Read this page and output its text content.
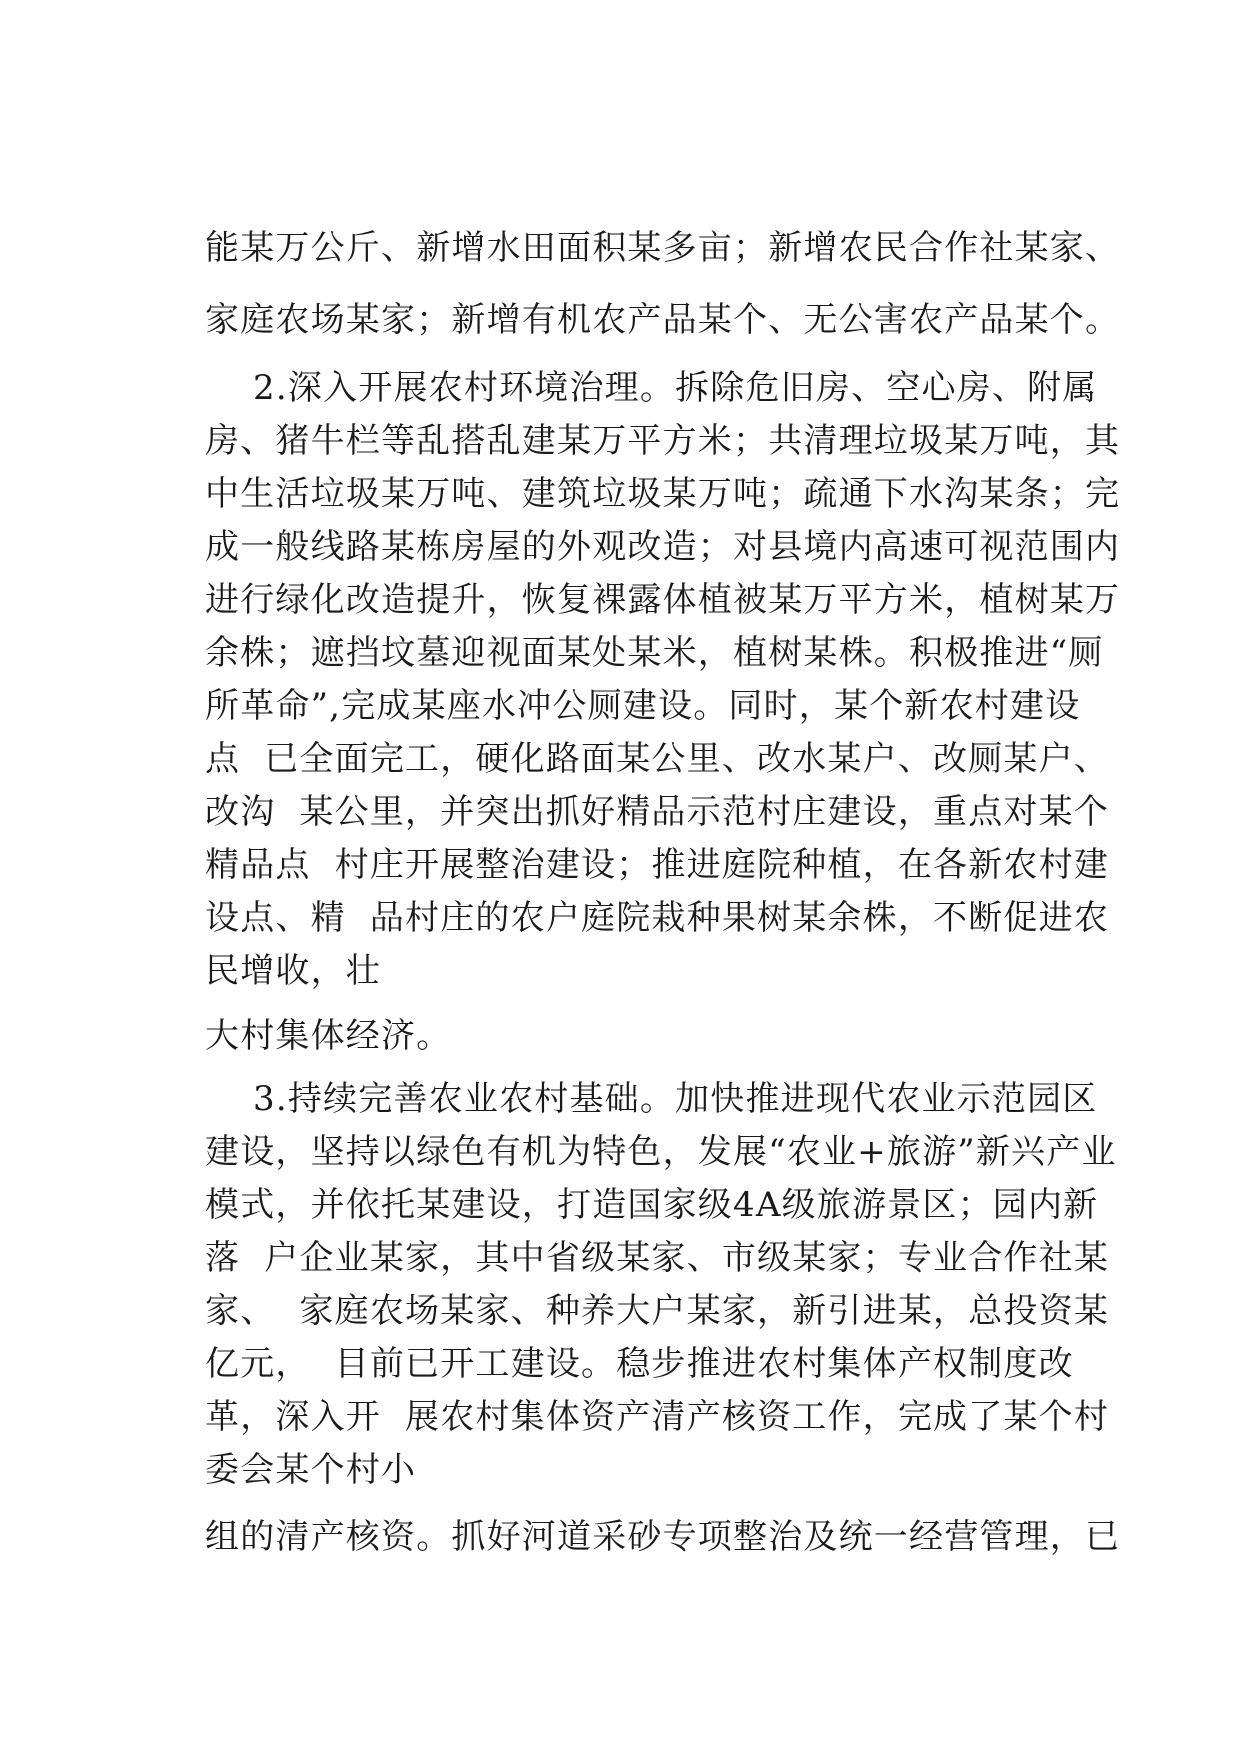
能某万公斤、新增水田面积某多亩；新增农民合作社某家、

家庭农场某家；新增有机农产品某个、无公害农产品某个。

2.深入开展农村环境治理。拆除危旧房、空心房、附属

房、猪牛栏等乱搭乱建某万平方米；共清理垃圾某万吨，其

中生活垃圾某万吨、建筑垃圾某万吨；疏通下水沟某条；完

成一般线路某栋房屋的外观改造；对县境内高速可视范围内

进行绿化改造提升，恢复裸露体植被某万平方米，植树某万

余株；遮挡坟墓迎视面某处某米，植树某株。积极推进“厕

所革命”,完成某座水冲公厕建设。同时，某个新农村建设

点  已全面完工，硬化路面某公里、改水某户、改厕某户、

改沟  某公里，并突出抓好精品示范村庄建设，重点对某个

精品点  村庄开展整治建设；推进庭院种植，在各新农村建

设点、精  品村庄的农户庭院栽种果树某余株，不断促进农

民增收，壮

大村集体经济。

3.持续完善农业农村基础。加快推进现代农业示范园区

建设，坚持以绿色有机为特色，发展“农业+旅游”新兴产业

模式，并依托某建设，打造国家级4A级旅游景区；园内新

落  户企业某家，其中省级某家、市级某家；专业合作社某

家、  家庭农场某家、种养大户某家，新引进某，总投资某

亿元，  目前已开工建设。稳步推进农村集体产权制度改

革，深入开  展农村集体资产清产核资工作，完成了某个村

委会某个村小

组的清产核资。抓好河道采砂专项整治及统一经营管理，已
